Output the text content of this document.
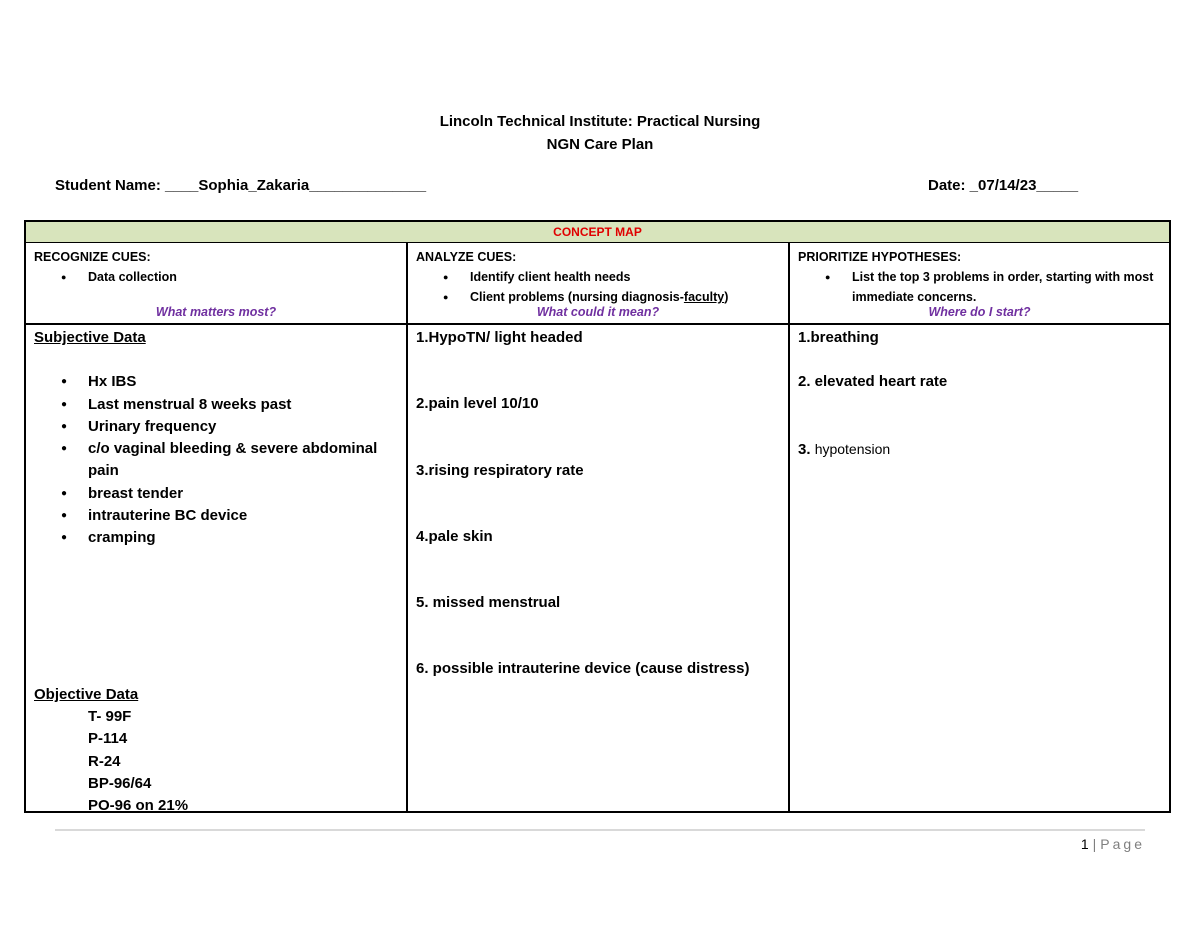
Lincoln Technical Institute: Practical Nursing
NGN Care Plan
Student Name: ____Sophia_Zakaria______________	Date: _07/14/23_____
CONCEPT MAP
RECOGNIZE CUES:
● Data collection
What matters most?
Subjective Data
● Hx IBS
● Last menstrual 8 weeks past
● Urinary frequency
● c/o vaginal bleeding & severe abdominal pain
● breast tender
● intrauterine BC device
● cramping
Objective Data
T- 99F
P-114
R-24
BP-96/64
PO-96 on 21%
ANALYZE CUES:
● Identify client health needs
● Client problems (nursing diagnosis-faculty)
What could it mean?
1.HypoTN/ light headed
2.pain level 10/10
3.rising respiratory rate
4.pale skin
5. missed menstrual
6. possible intrauterine device (cause distress)
PRIORITIZE HYPOTHESES:
● List the top 3 problems in order, starting with most immediate concerns.
Where do I start?
1.breathing
2. elevated heart rate
3. hypotension
1 | Page
